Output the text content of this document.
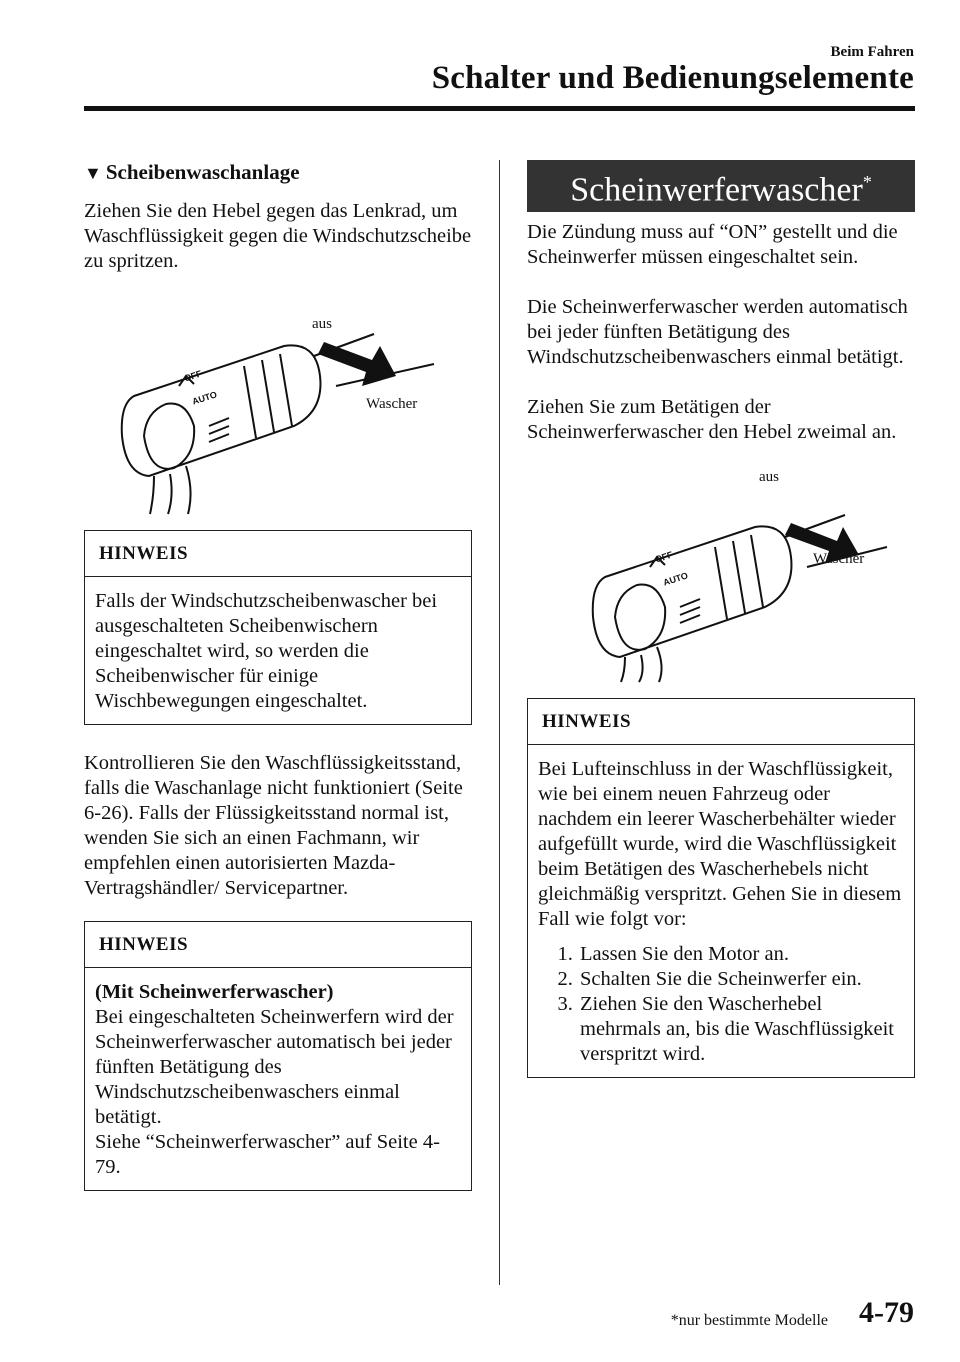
Beim Fahren
Schalter und Bedienungselemente
▼ Scheibenwaschanlage

Ziehen Sie den Hebel gegen das Lenkrad, um Waschflüssigkeit gegen die Windschutzscheibe zu spritzen.

aus
Wascher
AUTO
OFF
HINWEIS

Falls der Windschutzscheibenwascher bei ausgeschalteten Scheibenwischern eingeschaltet wird, so werden die Scheibenwischer für einige Wischbewegungen eingeschaltet.

Kontrollieren Sie den Waschflüssigkeitsstand, falls die Waschanlage nicht funktioniert (Seite 6-26). Falls der Flüssigkeitsstand normal ist, wenden Sie sich an einen Fachmann, wir empfehlen einen autorisierten Mazda-Vertragshändler/ Servicepartner.

HINWEIS

(Mit Scheinwerferwascher)

Bei eingeschalteten Scheinwerfern wird der Scheinwerferwascher automatisch bei jeder fünften Betätigung des Windschutzscheibenwaschers einmal betätigt.

Siehe “Scheinwerferwascher” auf Seite 4-79.

Scheinwerferwascher*

Die Zündung muss auf “ON” gestellt und die Scheinwerfer müssen eingeschaltet sein.

Die Scheinwerferwascher werden automatisch bei jeder fünften Betätigung des Windschutzscheibenwaschers einmal betätigt.

Ziehen Sie zum Betätigen der Scheinwerferwascher den Hebel zweimal an.

aus
Wascher
AUTO
OFF
HINWEIS

Bei Lufteinschluss in der Waschflüssigkeit, wie bei einem neuen Fahrzeug oder nachdem ein leerer Wascherbehälter wieder aufgefüllt wurde, wird die Waschflüssigkeit beim Betätigen des Wascherhebels nicht gleichmäßig verspritzt. Gehen Sie in diesem Fall wie folgt vor:

1. Lassen Sie den Motor an.
2. Schalten Sie die Scheinwerfer ein.
3. Ziehen Sie den Wascherhebel mehrmals an, bis die Waschflüssigkeit verspritzt wird.
*nur bestimmte Modelle 4-79
